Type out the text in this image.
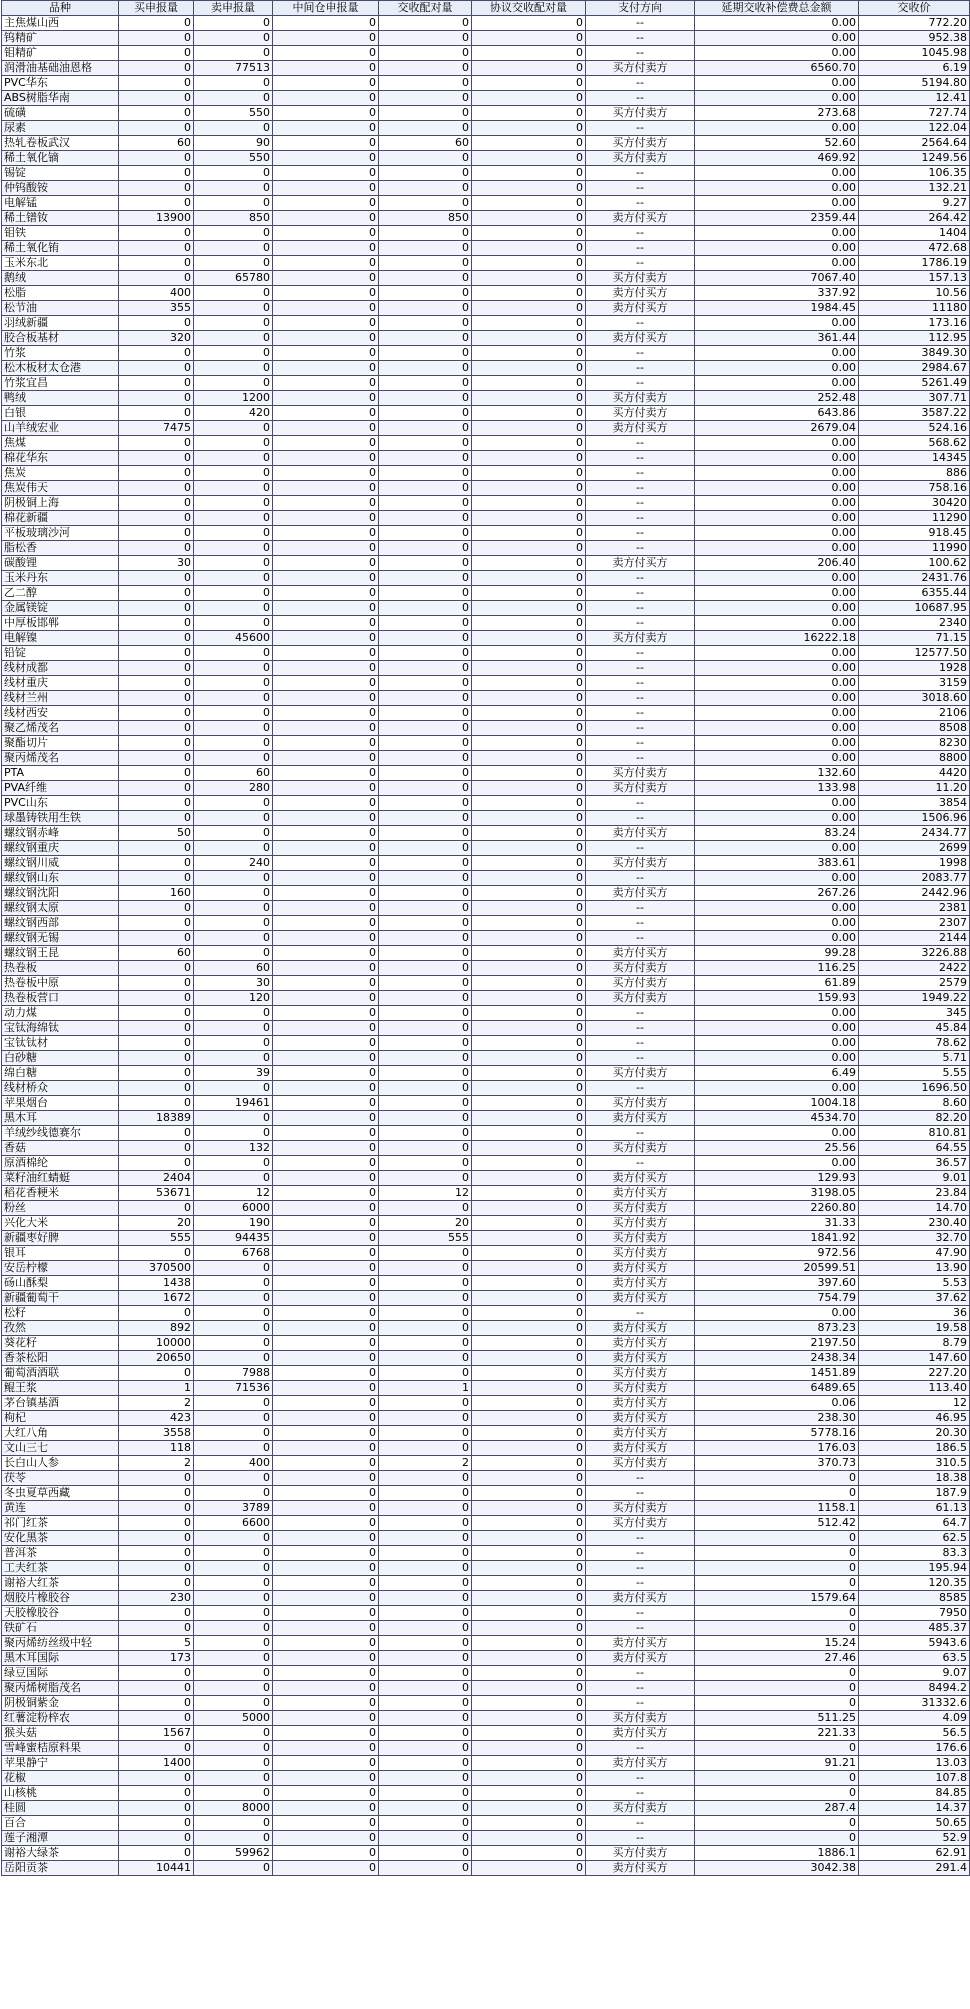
品种	买申报量	卖申报量	中间仓申报量	交收配对量	协议交收配对量	支付方向	延期交收补偿费总金额	交收价
主焦煤山西	0	0	0	0	0	--	0.00	772.20
钨精矿	0	0	0	0	0	--	0.00	952.38
钼精矿	0	0	0	0	0	--	0.00	1045.98
润滑油基础油恩格	0	77513	0	0	0	买方付卖方	6560.70	6.19
PVC华东	0	0	0	0	0	--	0.00	5194.80
ABS树脂华南	0	0	0	0	0	--	0.00	12.41
硫磺	0	550	0	0	0	买方付卖方	273.68	727.74
尿素	0	0	0	0	0	--	0.00	122.04
热轧卷板武汉	60	90	0	60	0	买方付卖方	52.60	2564.64
稀土氧化镝	0	550	0	0	0	买方付卖方	469.92	1249.56
锡锭	0	0	0	0	0	--	0.00	106.35
仲钨酸铵	0	0	0	0	0	--	0.00	132.21
电解锰	0	0	0	0	0	--	0.00	9.27
稀土镨钕	13900	850	0	850	0	卖方付买方	2359.44	264.42
钼铁	0	0	0	0	0	--	0.00	1404
稀土氧化铕	0	0	0	0	0	--	0.00	472.68
玉米东北	0	0	0	0	0	--	0.00	1786.19
鹅绒	0	65780	0	0	0	买方付卖方	7067.40	157.13
松脂	400	0	0	0	0	卖方付买方	337.92	10.56
松节油	355	0	0	0	0	卖方付买方	1984.45	11180
羽绒新疆	0	0	0	0	0	--	0.00	173.16
胶合板基材	320	0	0	0	0	卖方付买方	361.44	112.95
竹浆	0	0	0	0	0	--	0.00	3849.30
松木板材太仓港	0	0	0	0	0	--	0.00	2984.67
竹浆宜昌	0	0	0	0	0	--	0.00	5261.49
鸭绒	0	1200	0	0	0	买方付卖方	252.48	307.71
白银	0	420	0	0	0	买方付卖方	643.86	3587.22
山羊绒宏业	7475	0	0	0	0	卖方付买方	2679.04	524.16
焦煤	0	0	0	0	0	--	0.00	568.62
棉花华东	0	0	0	0	0	--	0.00	14345
焦炭	0	0	0	0	0	--	0.00	886
焦炭伟天	0	0	0	0	0	--	0.00	758.16
阴极铜上海	0	0	0	0	0	--	0.00	30420
棉花新疆	0	0	0	0	0	--	0.00	11290
平板玻璃沙河	0	0	0	0	0	--	0.00	918.45
脂松香	0	0	0	0	0	--	0.00	11990
碳酸锂	30	0	0	0	0	卖方付买方	206.40	100.62
玉米丹东	0	0	0	0	0	--	0.00	2431.76
乙二醇	0	0	0	0	0	--	0.00	6355.44
金属镁锭	0	0	0	0	0	--	0.00	10687.95
中厚板邯郸	0	0	0	0	0	--	0.00	2340
电解镍	0	45600	0	0	0	买方付卖方	16222.18	71.15
铅锭	0	0	0	0	0	--	0.00	12577.50
线材成都	0	0	0	0	0	--	0.00	1928
线材重庆	0	0	0	0	0	--	0.00	3159
线材兰州	0	0	0	0	0	--	0.00	3018.60
线材西安	0	0	0	0	0	--	0.00	2106
聚乙烯茂名	0	0	0	0	0	--	0.00	8508
聚酯切片	0	0	0	0	0	--	0.00	8230
聚丙烯茂名	0	0	0	0	0	--	0.00	8800
PTA	0	60	0	0	0	买方付卖方	132.60	4420
PVA纤维	0	280	0	0	0	买方付卖方	133.98	11.20
PVC山东	0	0	0	0	0	--	0.00	3854
球墨铸铁用生铁	0	0	0	0	0	--	0.00	1506.96
螺纹钢赤峰	50	0	0	0	0	卖方付买方	83.24	2434.77
螺纹钢重庆	0	0	0	0	0	--	0.00	2699
螺纹钢川威	0	240	0	0	0	买方付卖方	383.61	1998
螺纹钢山东	0	0	0	0	0	--	0.00	2083.77
螺纹钢沈阳	160	0	0	0	0	卖方付买方	267.26	2442.96
螺纹钢太原	0	0	0	0	0	--	0.00	2381
螺纹钢西部	0	0	0	0	0	--	0.00	2307
螺纹钢无锡	0	0	0	0	0	--	0.00	2144
螺纹钢王昆	60	0	0	0	0	卖方付买方	99.28	3226.88
热卷板	0	60	0	0	0	买方付卖方	116.25	2422
热卷板中原	0	30	0	0	0	买方付卖方	61.89	2579
热卷板营口	0	120	0	0	0	买方付卖方	159.93	1949.22
动力煤	0	0	0	0	0	--	0.00	345
宝钛海绵钛	0	0	0	0	0	--	0.00	45.84
宝钛钛材	0	0	0	0	0	--	0.00	78.62
白砂糖	0	0	0	0	0	--	0.00	5.71
绵白糖	0	39	0	0	0	买方付卖方	6.49	5.55
线材桥众	0	0	0	0	0	--	0.00	1696.50
苹果烟台	0	19461	0	0	0	买方付卖方	1004.18	8.60
黑木耳	18389	0	0	0	0	卖方付买方	4534.70	82.20
羊绒纱线德赛尔	0	0	0	0	0	--	0.00	810.81
香菇	0	132	0	0	0	买方付卖方	25.56	64.55
原酒棉纶	0	0	0	0	0	--	0.00	36.57
菜籽油红蜻蜓	2404	0	0	0	0	卖方付买方	129.93	9.01
稻花香粳米	53671	12	0	12	0	卖方付买方	3198.05	23.84
粉丝	0	6000	0	0	0	买方付卖方	2260.80	14.70
兴化大米	20	190	0	20	0	买方付卖方	31.33	230.40
新疆枣好脾	555	94435	0	555	0	买方付卖方	1841.92	32.70
银耳	0	6768	0	0	0	买方付卖方	972.56	47.90
安岳柠檬	370500	0	0	0	0	卖方付买方	20599.51	13.90
砀山酥梨	1438	0	0	0	0	卖方付买方	397.60	5.53
新疆葡萄干	1672	0	0	0	0	卖方付买方	754.79	37.62
松籽	0	0	0	0	0	--	0.00	36
孜然	892	0	0	0	0	卖方付买方	873.23	19.58
葵花籽	10000	0	0	0	0	卖方付买方	2197.50	8.79
香茶松阳	20650	0	0	0	0	卖方付买方	2438.34	147.60
葡萄酒酒联	0	7988	0	0	0	买方付卖方	1451.89	227.20
鲲王浆	1	71536	0	1	0	买方付卖方	6489.65	113.40
茅台镇基酒	2	0	0	0	0	卖方付买方	0.06	12
枸杞	423	0	0	0	0	卖方付买方	238.30	46.95
大红八角	3558	0	0	0	0	卖方付买方	5778.16	20.30
文山三七	118	0	0	0	0	卖方付买方	176.03	186.5
长白山人参	2	400	0	2	0	买方付卖方	370.73	310.5
茯苓	0	0	0	0	0	--	0	18.38
冬虫夏草西藏	0	0	0	0	0	--	0	187.9
黄连	0	3789	0	0	0	买方付卖方	1158.1	61.13
祁门红茶	0	6600	0	0	0	买方付卖方	512.42	64.7
安化黑茶	0	0	0	0	0	--	0	62.5
普洱茶	0	0	0	0	0	--	0	83.3
工夫红茶	0	0	0	0	0	--	0	195.94
谢裕大红茶	0	0	0	0	0	--	0	120.35
烟胶片橡胶谷	230	0	0	0	0	卖方付买方	1579.64	8585
天胶橡胶谷	0	0	0	0	0	--	0	7950
铁矿石	0	0	0	0	0	--	0	485.37
聚丙烯纺丝级中轻	5	0	0	0	0	卖方付买方	15.24	5943.6
黑木耳国际	173	0	0	0	0	卖方付买方	27.46	63.5
绿豆国际	0	0	0	0	0	--	0	9.07
聚丙烯树脂茂名	0	0	0	0	0	--	0	8494.2
阴极铜紫金	0	0	0	0	0	--	0	31332.6
红薯淀粉梓农	0	5000	0	0	0	买方付卖方	511.25	4.09
猴头菇	1567	0	0	0	0	卖方付买方	221.33	56.5
雪峰蜜桔原料果	0	0	0	0	0	--	0	176.6
苹果静宁	1400	0	0	0	0	卖方付买方	91.21	13.03
花椒	0	0	0	0	0	--	0	107.8
山核桃	0	0	0	0	0	--	0	84.85
桂圆	0	8000	0	0	0	买方付卖方	287.4	14.37
百合	0	0	0	0	0	--	0	50.65
莲子湘潭	0	0	0	0	0	--	0	52.9
谢裕大绿茶	0	59962	0	0	0	买方付卖方	1886.1	62.91
岳阳贡茶	10441	0	0	0	0	卖方付买方	3042.38	291.4
